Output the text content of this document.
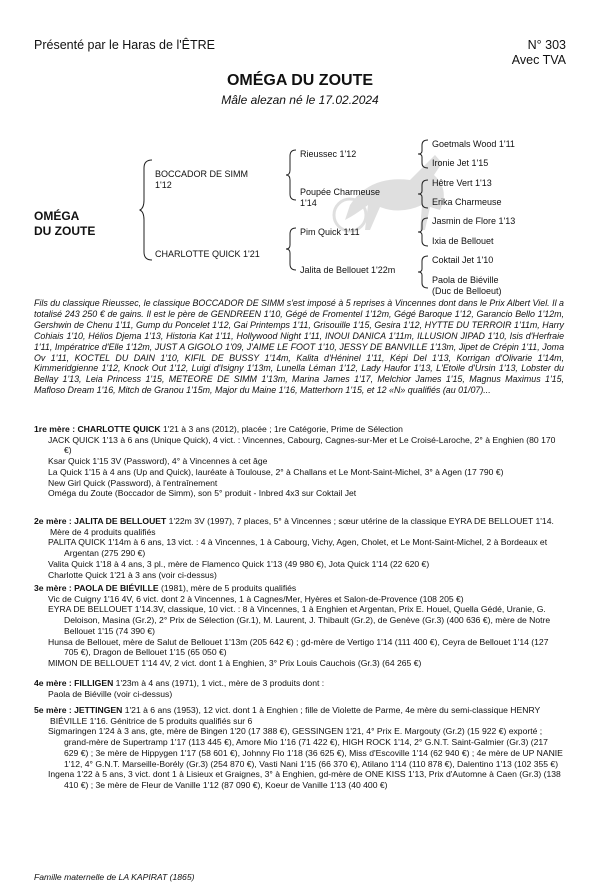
Présenté par le Haras de l'ÊTRE	N° 303
Avec TVA
OMÉGA DU ZOUTE
Mâle alezan né le 17.02.2024
OMÉGA
DU ZOUTE
BOCCADOR DE SIMM
1'12
CHARLOTTE QUICK 1'21
Rieussec 1'12
Poupée Charmeuse
1'14
Pim Quick 1'11
Jalita de Bellouet 1'22m
Goetmals Wood 1'11
Ironie Jet 1'15
Hêtre Vert 1'13
Erika Charmeuse
Jasmin de Flore 1'13
Ixia de Bellouet
Coktail Jet 1'10
Paola de Biéville
(Duc de Belloeut)
Fils du classique Rieussec, le classique BOCCADOR DE SIMM s'est imposé à 5 reprises à Vincennes dont dans le Prix Albert Viel. Il a totalisé 243 250 € de gains. Il est le père de GENDREEN 1'10, Gégé de Fromentel 1'12m, Gégé Baroque 1'12, Garancio Bello 1'12m, Gershwin de Chenu 1'11, Gump du Poncelet 1'12, Gai Printemps 1'11, Grisouille 1'15, Gesira 1'12, HYTTE DU TERROIR 1'11m, Harry Cohiais 1'10, Hélios Djema 1'13, Historia Kat 1'11, Hollywood Night 1'11, INOUI DANICA 1'11m, ILLUSION JIPAD 1'10, Isis d'Herfraie 1'11, Impératrice d'Elle 1'12m, JUST A GIGOLO 1'09, J'AIME LE FOOT 1'10, JESSY DE BANVILLE 1'13m, Jipet de Crépin 1'11, Joma Ov 1'11, KOCTEL DU DAIN 1'10, KIFIL DE BUSSY 1'14m, Kalita d'Héninel 1'11, Képi Del 1'13, Korrigan d'Olivarie 1'14m, Kimmeridgienne 1'12, Knock Out 1'12, Luigi d'Isigny 1'13m, Lunella Léman 1'12, Lady Haufor 1'13, L'Etoile d'Ursin 1'13, Lobster du Bellay 1'13, Leia Princess 1'15, METEORE DE SIMM 1'13m, Marina James 1'17, Melchior James 1'15, Magnus Maximus 1'15, Mafloso Dream 1'16, Mitch de Granou 1'15m, Major du Maine 1'16, Matterhorn 1'15, et 12 «N» qualifiés (au 01/07)...

1re mère : CHARLOTTE QUICK 1'21 à 3 ans (2012), placée ; 1re Catégorie, Prime de Sélection

JACK QUICK 1'13 à 6 ans (Unique Quick), 4 vict. : Vincennes, Cabourg, Cagnes-sur-Mer et Le Croisé-Laroche, 2° à Enghien (80 170 €)

Ksar Quick 1'15 3V (Password), 4° à Vincennes à cet âge

La Quick 1'15 à 4 ans (Up and Quick), lauréate à Toulouse, 2° à Challans et Le Mont-Saint-Michel, 3° à Agen (17 790 €)

New Girl Quick (Password), à l'entraînement

Oméga du Zoute (Boccador de Simm), son 5° produit - Inbred 4x3 sur Coktail Jet

2e mère : JALITA DE BELLOUET 1'22m 3V (1997), 7 places, 5° à Vincennes ; sœur utérine de la classique EYRA DE BELLOUET 1'14. Mère de 4 produits qualifiés

PALITA QUICK 1'14m à 6 ans, 13 vict. : 4 à Vincennes, 1 à Cabourg, Vichy, Agen, Cholet, et Le Mont-Saint-Michel, 2 à Bordeaux et Argentan (275 290 €)

Valita Quick 1'18 à 4 ans, 3 pl., mère de Flamenco Quick 1'13 (49 980 €), Jota Quick 1'14 (22 620 €)

Charlotte Quick 1'21 à 3 ans (voir ci-dessus)

3e mère : PAOLA DE BIÉVILLE (1981), mère de 5 produits qualifiés

Vic de Cuigny 1'16 4V, 6 vict. dont 2 à Vincennes, 1 à Cagnes/Mer, Hyères et Salon-de-Provence (108 205 €)

EYRA DE BELLOUET 1'14.3V, classique, 10 vict. : 8 à Vincennes, 1 à Enghien et Argentan, Prix E. Houel, Quella Gédé, Uranie, G. Deloison, Masina (Gr.2), 2° Prix de Sélection (Gr.1), M. Laurent, J. Thibault (Gr.2), de Genève (Gr.3) (400 636 €), mère de Notre Bellouet 1'15 (74 390 €)

Hunsa de Bellouet, mère de Salut de Bellouet 1'13m (205 642 €) ; gd-mère de Vertigo 1'14 (111 400 €), Ceyra de Bellouet 1'14 (127 705 €), Dragon de Bellouet 1'15 (65 050 €)

MIMON DE BELLOUET 1'14 4V, 2 vict. dont 1 à Enghien, 3° Prix Louis Cauchois (Gr.3) (64 265 €)

4e mère : FILLIGEN 1'23m à 4 ans (1971), 1 vict., mère de 3 produits dont :

Paola de Biéville (voir ci-dessus)

5e mère : JETTINGEN 1'21 à 6 ans (1953), 12 vict. dont 1 à Enghien ; fille de Violette de Parme, 4e mère du semi-classique HENRY BIÉVILLE 1'16. Génitrice de 5 produits qualifiés sur 6

Sigmaringen 1'24 à 3 ans, gte, mère de Bingen 1'20 (17 388 €), GESSINGEN 1'21, 4° Prix E. Margouty (Gr.2) (15 922 €) exporté ; grand-mère de Supertramp 1'17 (113 445 €), Amore Mio 1'16 (71 422 €), HIGH ROCK 1'14, 2° G.N.T. Saint-Galmier (Gr.3) (217 629 €) ; 3e mère de Hippygen 1'17 (58 601 €), Johnny Flo 1'18 (36 625 €), Miss d'Escoville 1'14 (62 940 €) ; 4e mère de UP NANIE 1'12, 4° G.N.T. Marseille-Borély (Gr.3) (254 870 €), Vasti Nani 1'15 (66 370 €), Atilano 1'14 (110 878 €), Dalentino 1'13 (102 355 €)

Ingena 1'22 à 5 ans, 3 vict. dont 1 à Lisieux et Graignes, 3° à Enghien, gd-mère de ONE KISS 1'13, Prix d'Automne à Caen (Gr.3) (138 410 €) ; 3e mère de Fleur de Vanille 1'12 (87 090 €), Koeur de Vanille 1'13 (40 400 €)

Famille maternelle de LA KAPIRAT (1865)
